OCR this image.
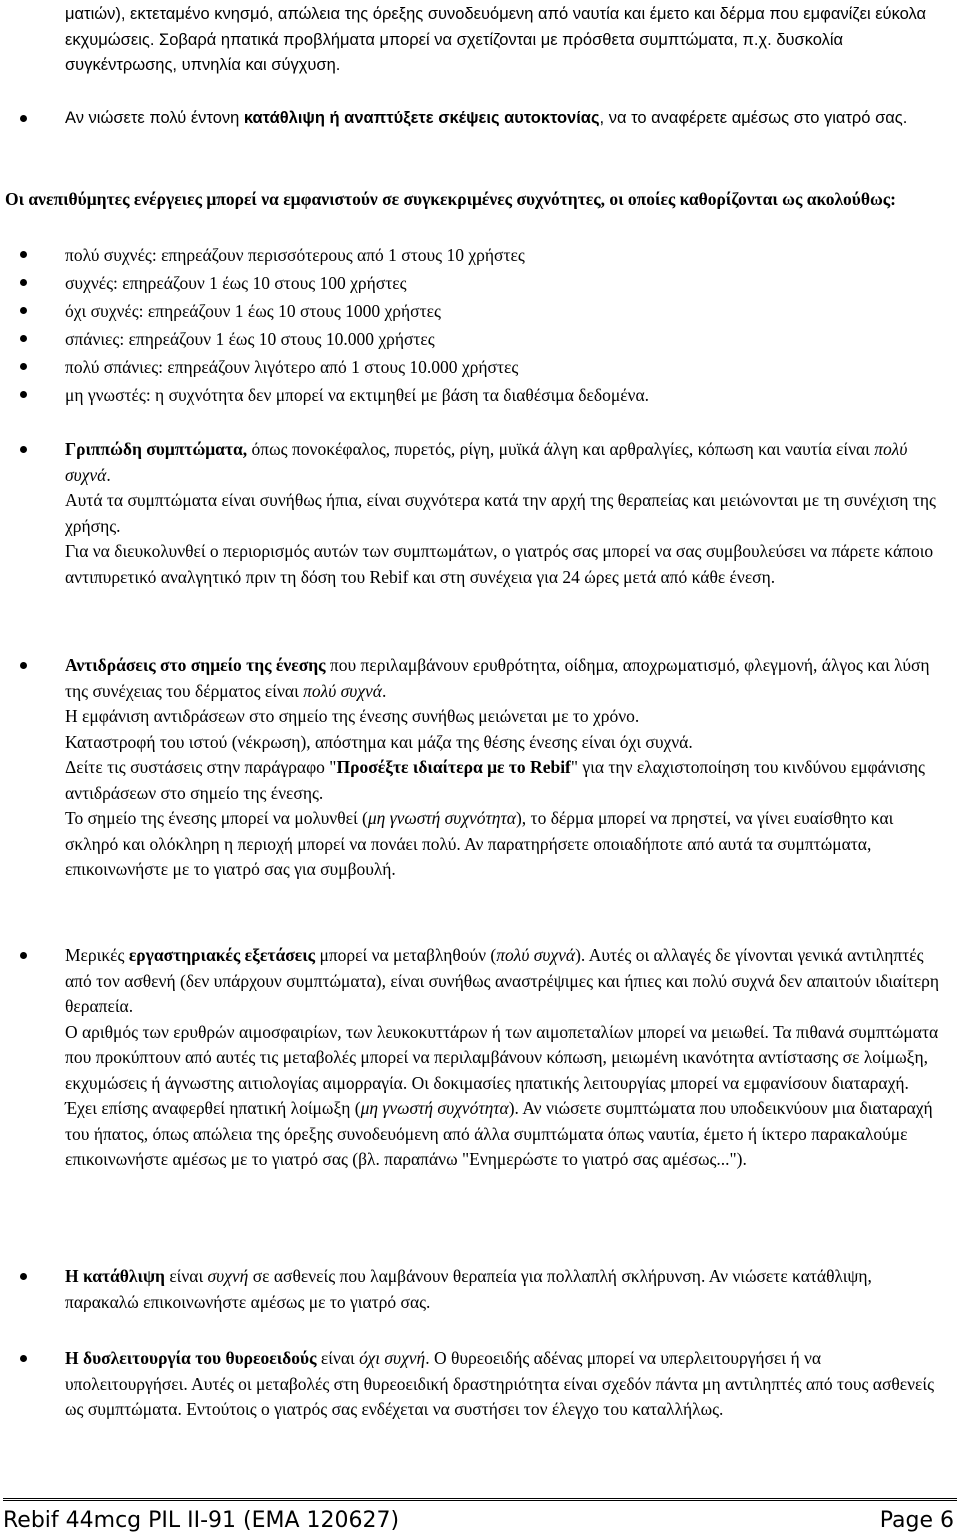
ματιών), εκτεταμένο κνησμό, απώλεια της όρεξης συνοδευόμενη από ναυτία και έμετο και δέρμα που εμφανίζει εύκολα εκχυμώσεις. Σοβαρά ηπατικά προβλήματα μπορεί να σχετίζονται με πρόσθετα συμπτώματα, π.χ. δυσκολία συγκέντρωσης, υπνηλία και σύγχυση.
Αν νιώσετε πολύ έντονη κατάθλιψη ή αναπτύξετε σκέψεις αυτοκτονίας, να το αναφέρετε αμέσως στο γιατρό σας.
Οι ανεπιθύμητες ενέργειες μπορεί να εμφανιστούν σε συγκεκριμένες συχνότητες, οι οποίες καθορίζονται ως ακολούθως:
πολύ συχνές: επηρεάζουν περισσότερους από 1 στους 10 χρήστες
συχνές: επηρεάζουν 1 έως 10 στους 100 χρήστες
όχι συχνές: επηρεάζουν 1 έως 10 στους 1000 χρήστες
σπάνιες: επηρεάζουν 1 έως 10 στους 10.000 χρήστες
πολύ σπάνιες: επηρεάζουν λιγότερο από 1 στους 10.000 χρήστες
μη γνωστές: η συχνότητα δεν μπορεί να εκτιμηθεί με βάση τα διαθέσιμα δεδομένα.
Γριππώδη συμπτώματα, όπως πονοκέφαλος, πυρετός, ρίγη, μυϊκά άλγη και αρθραλγίες, κόπωση και ναυτία είναι πολύ συχνά.
Αυτά τα συμπτώματα είναι συνήθως ήπια, είναι συχνότερα κατά την αρχή της θεραπείας και μειώνονται με τη συνέχιση της χρήσης.
Για να διευκολυνθεί ο περιορισμός αυτών των συμπτωμάτων, ο γιατρός σας μπορεί να σας συμβουλεύσει να πάρετε κάποιο αντιπυρετικό αναλγητικό πριν τη δόση του Rebif και στη συνέχεια για 24 ώρες μετά από κάθε ένεση.
Αντιδράσεις στο σημείο της ένεσης που περιλαμβάνουν ερυθρότητα, οίδημα, αποχρωματισμό, φλεγμονή, άλγος και λύση της συνέχειας του δέρματος είναι πολύ συχνά.
Η εμφάνιση αντιδράσεων στο σημείο της ένεσης συνήθως μειώνεται με το χρόνο.
Καταστροφή του ιστού (νέκρωση), απόστημα και μάζα της θέσης ένεσης είναι όχι συχνά.
Δείτε τις συστάσεις στην παράγραφο "Προσέξτε ιδιαίτερα με το Rebif" για την ελαχιστοποίηση του κινδύνου εμφάνισης αντιδράσεων στο σημείο της ένεσης.
Το σημείο της ένεσης μπορεί να μολυνθεί (μη γνωστή συχνότητα), το δέρμα μπορεί να πρηστεί, να γίνει ευαίσθητο και σκληρό και ολόκληρη η περιοχή μπορεί να πονάει πολύ. Αν παρατηρήσετε οποιαδήποτε από αυτά τα συμπτώματα, επικοινωνήστε με το γιατρό σας για συμβουλή.
Μερικές εργαστηριακές εξετάσεις μπορεί να μεταβληθούν (πολύ συχνά). Αυτές οι αλλαγές δε γίνονται γενικά αντιληπτές από τον ασθενή (δεν υπάρχουν συμπτώματα), είναι συνήθως αναστρέψιμες και ήπιες και πολύ συχνά δεν απαιτούν ιδιαίτερη θεραπεία.
Ο αριθμός των ερυθρών αιμοσφαιρίων, των λευκοκυττάρων ή των αιμοπεταλίων μπορεί να μειωθεί. Τα πιθανά συμπτώματα που προκύπτουν από αυτές τις μεταβολές μπορεί να περιλαμβάνουν κόπωση, μειωμένη ικανότητα αντίστασης σε λοίμωξη, εκχυμώσεις ή άγνωστης αιτιολογίας αιμορραγία. Οι δοκιμασίες ηπατικής λειτουργίας μπορεί να εμφανίσουν διαταραχή. Έχει επίσης αναφερθεί ηπατική λοίμωξη (μη γνωστή συχνότητα). Αν νιώσετε συμπτώματα που υποδεικνύουν μια διαταραχή του ήπατος, όπως απώλεια της όρεξης συνοδευόμενη από άλλα συμπτώματα όπως ναυτία, έμετο ή ίκτερο παρακαλούμε επικοινωνήστε αμέσως με το γιατρό σας (βλ. παραπάνω "Ενημερώστε το γιατρό σας αμέσως...").
Η κατάθλιψη είναι συχνή σε ασθενείς που λαμβάνουν θεραπεία για πολλαπλή σκλήρυνση. Αν νιώσετε κατάθλιψη, παρακαλώ επικοινωνήστε αμέσως με το γιατρό σας.
Η δυσλειτουργία του θυρεοειδούς είναι όχι συχνή. Ο θυρεοειδής αδένας μπορεί να υπερλειτουργήσει ή να υπολειτουργήσει. Αυτές οι μεταβολές στη θυρεοειδική δραστηριότητα είναι σχεδόν πάντα μη αντιληπτές από τους ασθενείς ως συμπτώματα. Εντούτοις ο γιατρός σας ενδέχεται να συστήσει τον έλεγχο του καταλλήλως.
Rebif 44mcg PIL II-91 (EMA 120627)	Page 6
